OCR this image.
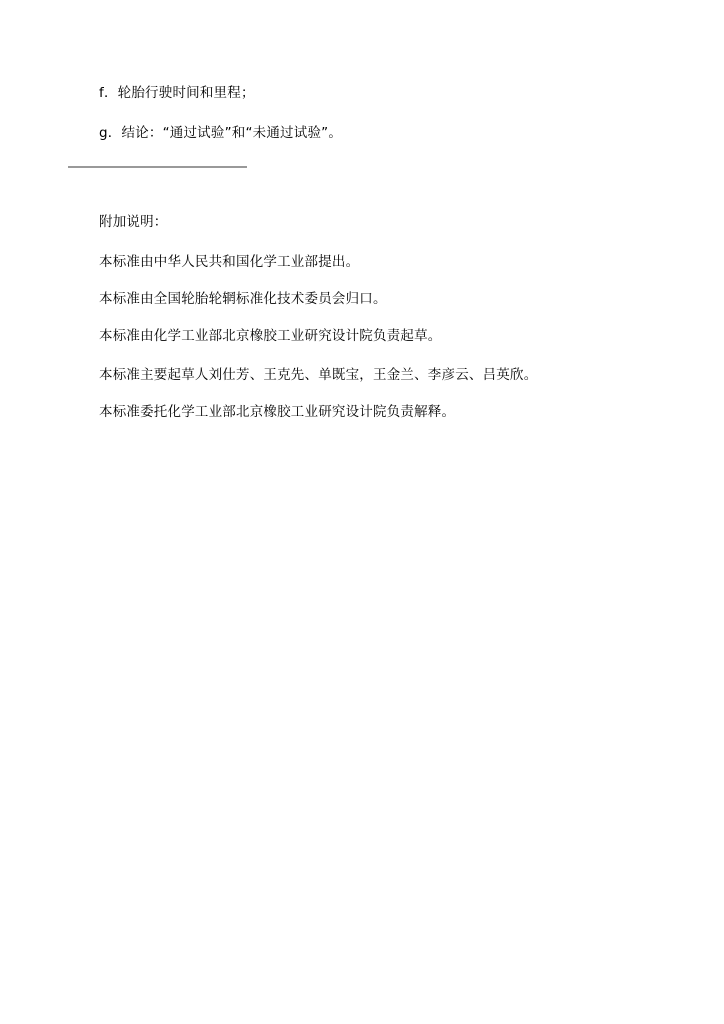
f．轮胎行驶时间和里程；

g．结论：“通过试验”和“未通过试验”。

附加说明：

本标准由中华人民共和国化学工业部提出。

本标准由全国轮胎轮辋标准化技术委员会归口。

本标准由化学工业部北京橡胶工业研究设计院负责起草。

本标准主要起草人刘仕芳、王克先、单既宝，王金兰、李彦云、吕英欣。

本标准委托化学工业部北京橡胶工业研究设计院负责解释。
